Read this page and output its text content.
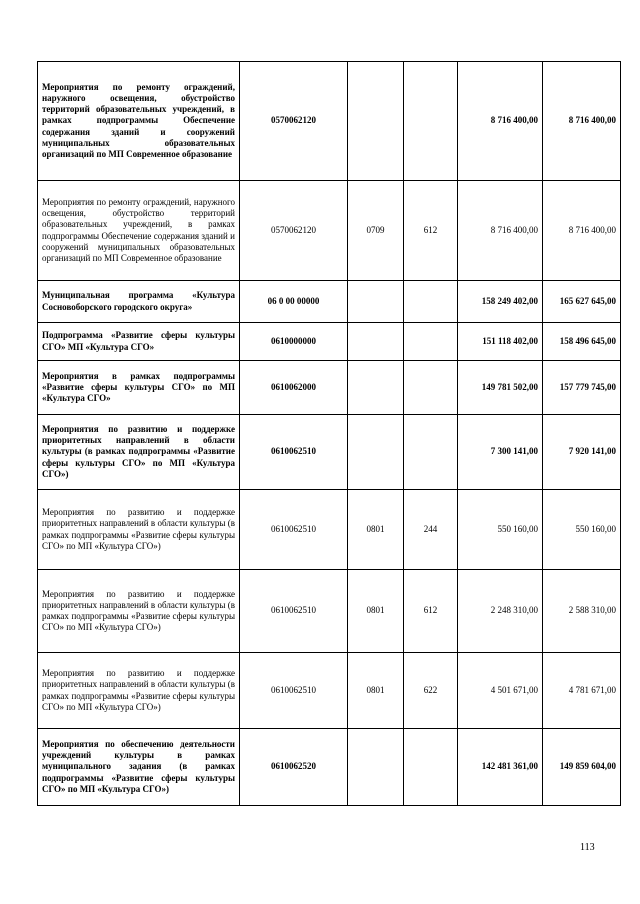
Мероприятия по ремонту ограждений, наружного освещения, обустройство территорий образовательных учреждений, в рамках подпрограммы Обеспечение содержания зданий и сооружений муниципальных образовательных организаций по МП Современное образование	0570062120			8 716 400,00	8 716 400,00
Мероприятия по ремонту ограждений, наружного освещения, обустройство территорий образовательных учреждений, в рамках подпрограммы Обеспечение содержания зданий и сооружений муниципальных образовательных организаций по МП Современное образование	0570062120	0709	612	8 716 400,00	8 716 400,00
Муниципальная программа «Культура Сосновоборского городского округа»	06 0 00 00000			158 249 402,00	165 627 645,00
Подпрограмма «Развитие сферы культуры СГО» МП «Культура СГО»	0610000000			151 118 402,00	158 496 645,00
Мероприятия в рамках подпрограммы «Развитие сферы культуры СГО» по МП «Культура СГО»	0610062000			149 781 502,00	157 779 745,00
Мероприятия по развитию и поддержке приоритетных направлений в области культуры (в рамках подпрограммы «Развитие сферы культуры СГО» по МП «Культура СГО»)	0610062510			7 300 141,00	7 920 141,00
Мероприятия по развитию и поддержке приоритетных направлений в области культуры (в рамках подпрограммы «Развитие сферы культуры СГО» по МП «Культура СГО»)	0610062510	0801	244	550 160,00	550 160,00
Мероприятия по развитию и поддержке приоритетных направлений в области культуры (в рамках подпрограммы «Развитие сферы культуры СГО» по МП «Культура СГО»)	0610062510	0801	612	2 248 310,00	2 588 310,00
Мероприятия по развитию и поддержке приоритетных направлений в области культуры (в рамках подпрограммы «Развитие сферы культуры СГО» по МП «Культура СГО»)	0610062510	0801	622	4 501 671,00	4 781 671,00
Мероприятия по обеспечению деятельности учреждений культуры в рамках муниципального задания (в рамках подпрограммы «Развитие сферы культуры СГО» по МП «Культура СГО»)	0610062520			142 481 361,00	149 859 604,00
113
